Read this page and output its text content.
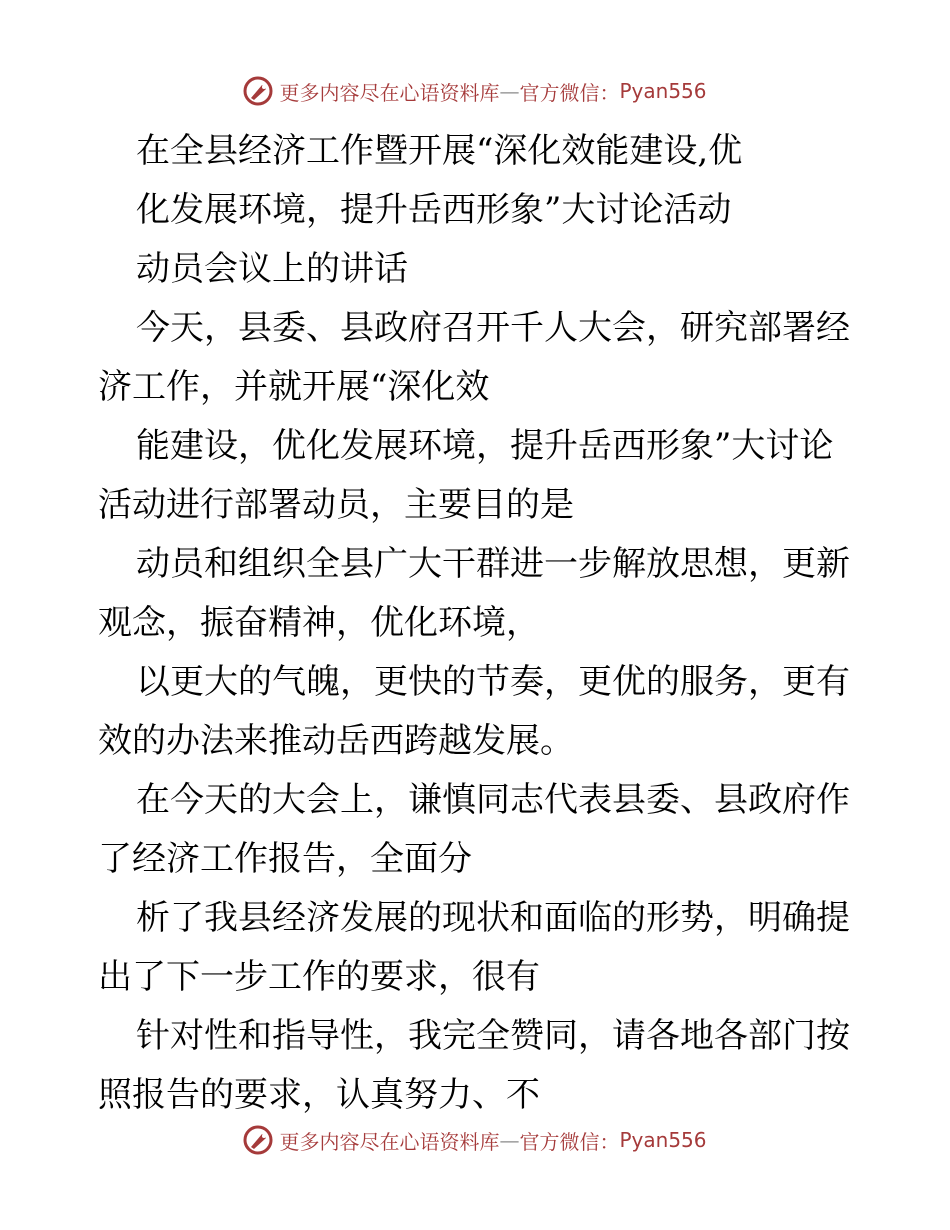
更多内容尽在心语资料库 — 官方微信： Pyan556

在全县经济工作暨开展“深化效能建设,优

化发展环境，提升岳西形象”大讨论活动

动员会议上的讲话

今天，县委、县政府召开千人大会，研究部署经济工作，并就开展“深化效

能建设，优化发展环境，提升岳西形象”大讨论活动进行部署动员，主要目的是

动员和组织全县广大干群进一步解放思想，更新观念，振奋精神，优化环境，

以更大的气魄，更快的节奏，更优的服务，更有效的办法来推动岳西跨越发展。

在今天的大会上，谦慎同志代表县委、县政府作了经济工作报告，全面分

析了我县经济发展的现状和面临的形势，明确提出了下一步工作的要求，很有

针对性和指导性，我完全赞同，请各地各部门按照报告的要求，认真努力、不

更多内容尽在心语资料库 — 官方微信： Pyan556
